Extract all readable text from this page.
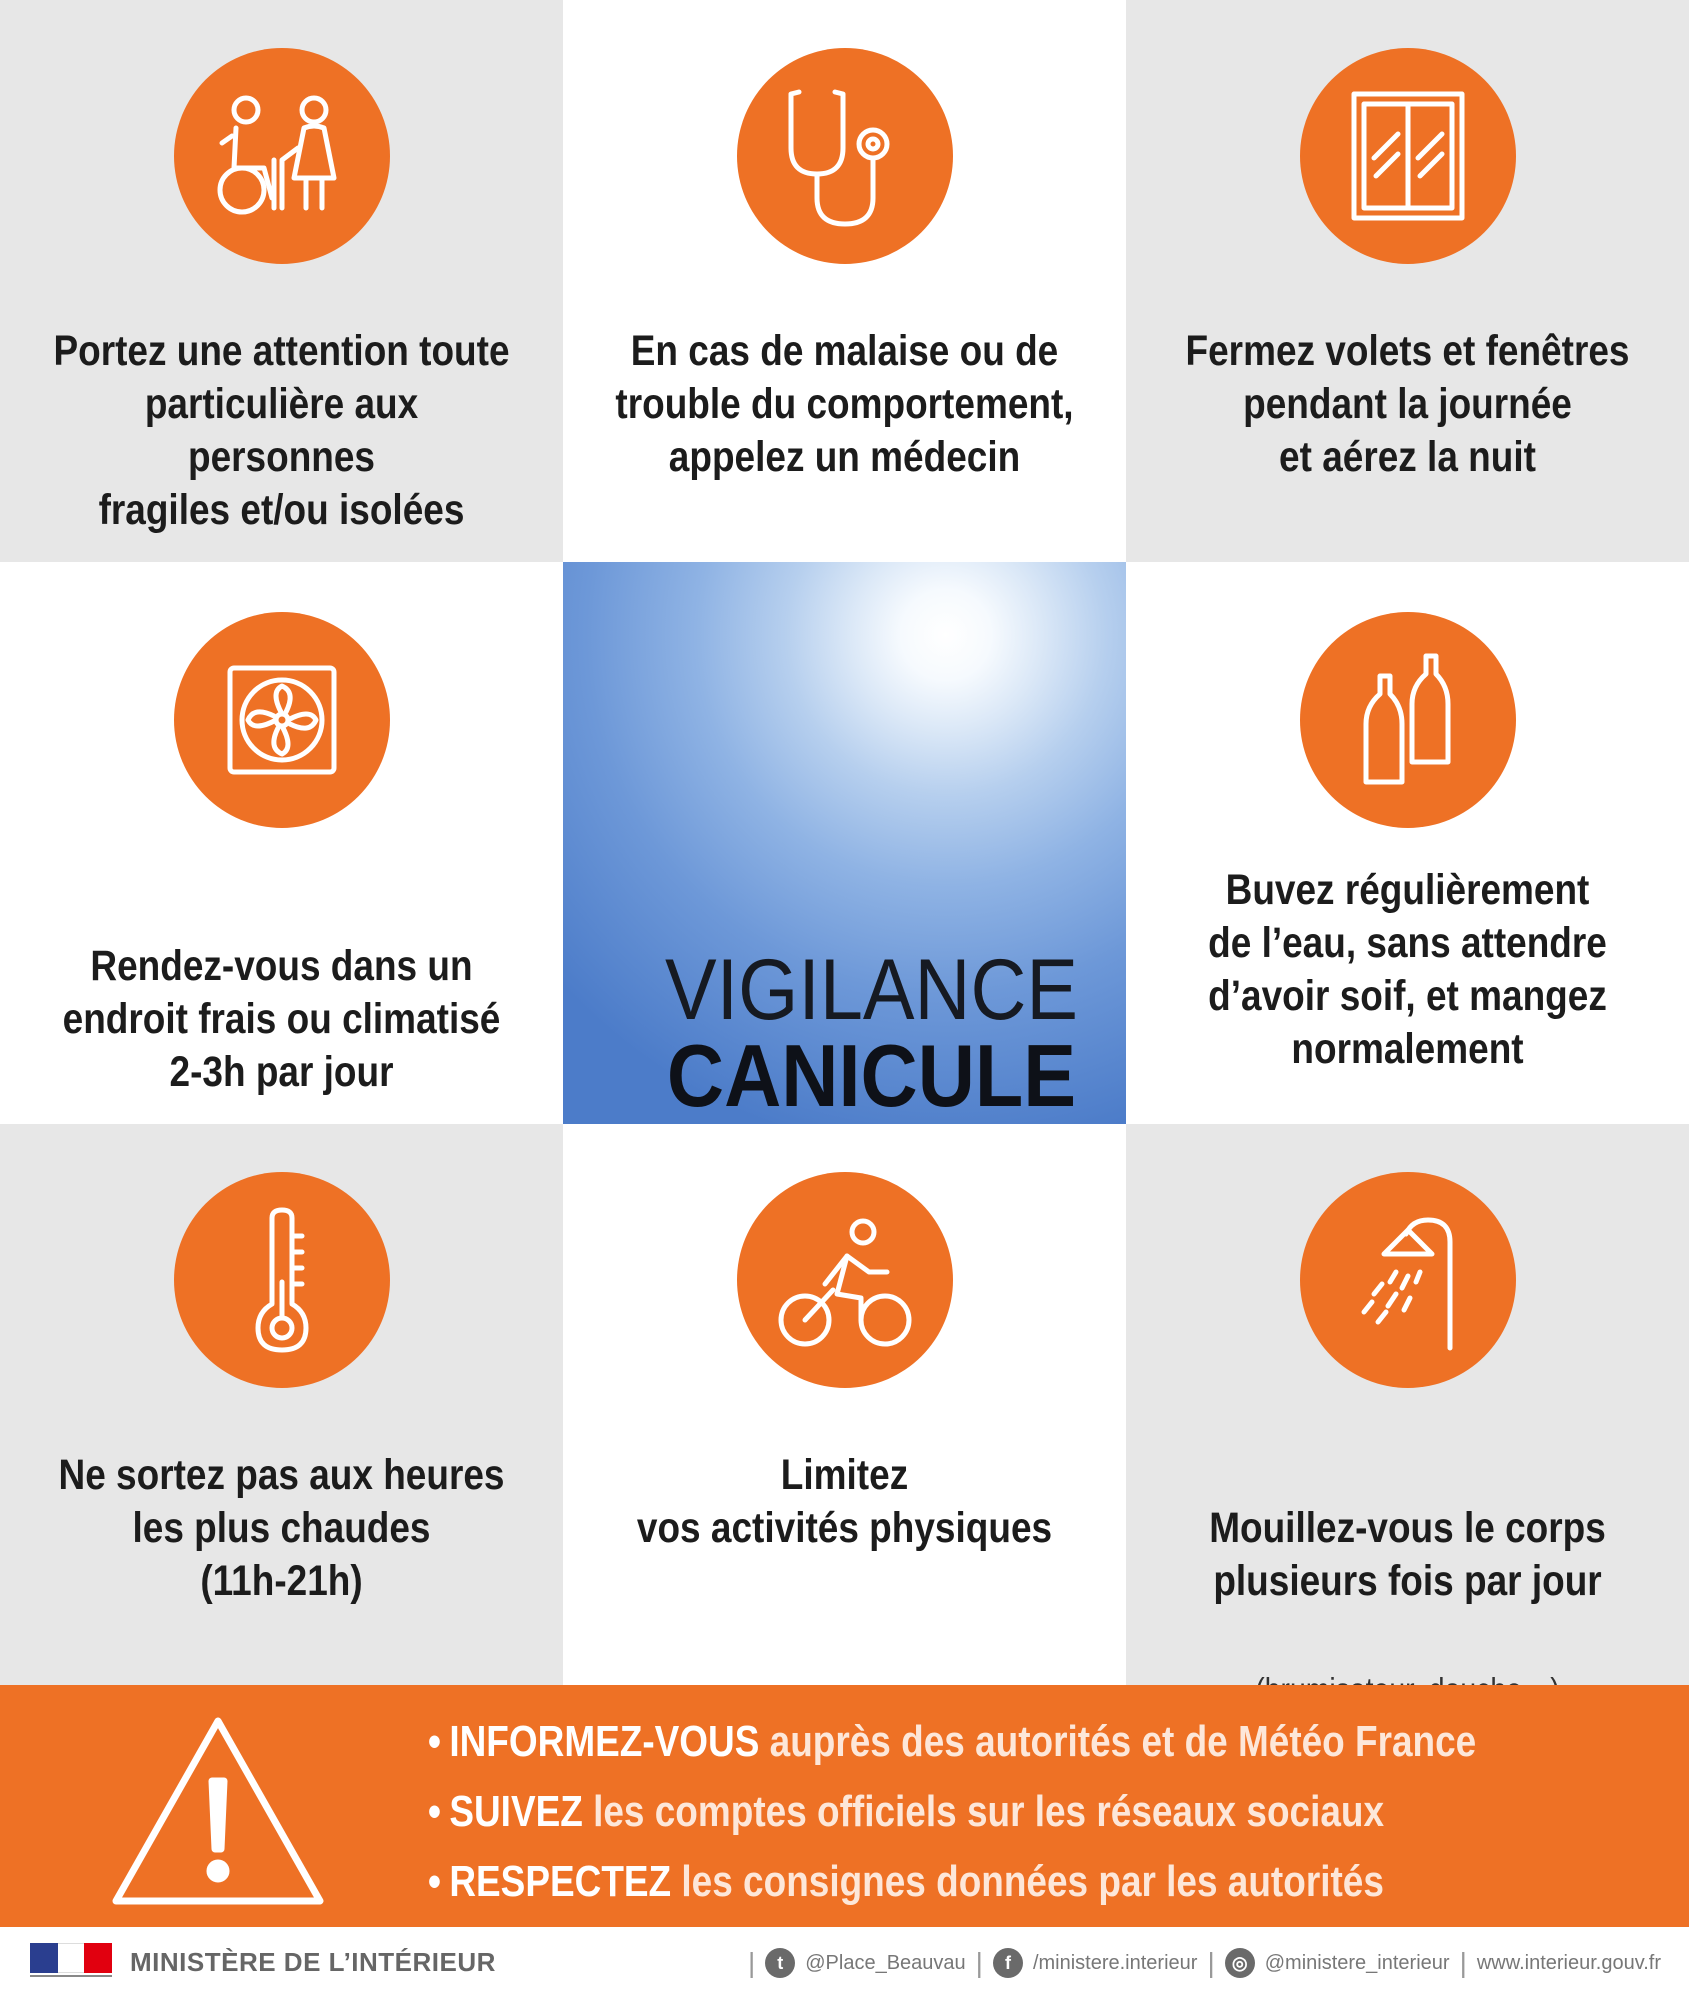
Portez une attention toute
particulière aux personnes
fragiles et/ou isolées
En cas de malaise ou de
trouble du comportement,
appelez un médecin
Fermez volets et fenêtres
pendant la journée
et aérez la nuit

Rendez-vous dans un
endroit frais ou climatisé
2-3h par jour

VIGILANCE
CANICULE
Buvez régulièrement
de l’eau, sans attendre
d’avoir soif, et mangez
normalement
Ne sortez pas aux heures
les plus chaudes
(11h-21h)
Limitez
vos activités physiques	Mouillez-vous le corps
plusieurs fois par jour

• INFORMEZ-VOUS auprès des autorités et de Météo France
• SUIVEZ les comptes officiels sur les réseaux sociaux
• RESPECTEZ les consignes données par les autorités
MINISTÈRE DE L’INTÉRIEUR	|	t	@Place_Beauvau |	f	/ministere.interieur | ◎ @ministere_interieur | www.interieur.gouv.fr
